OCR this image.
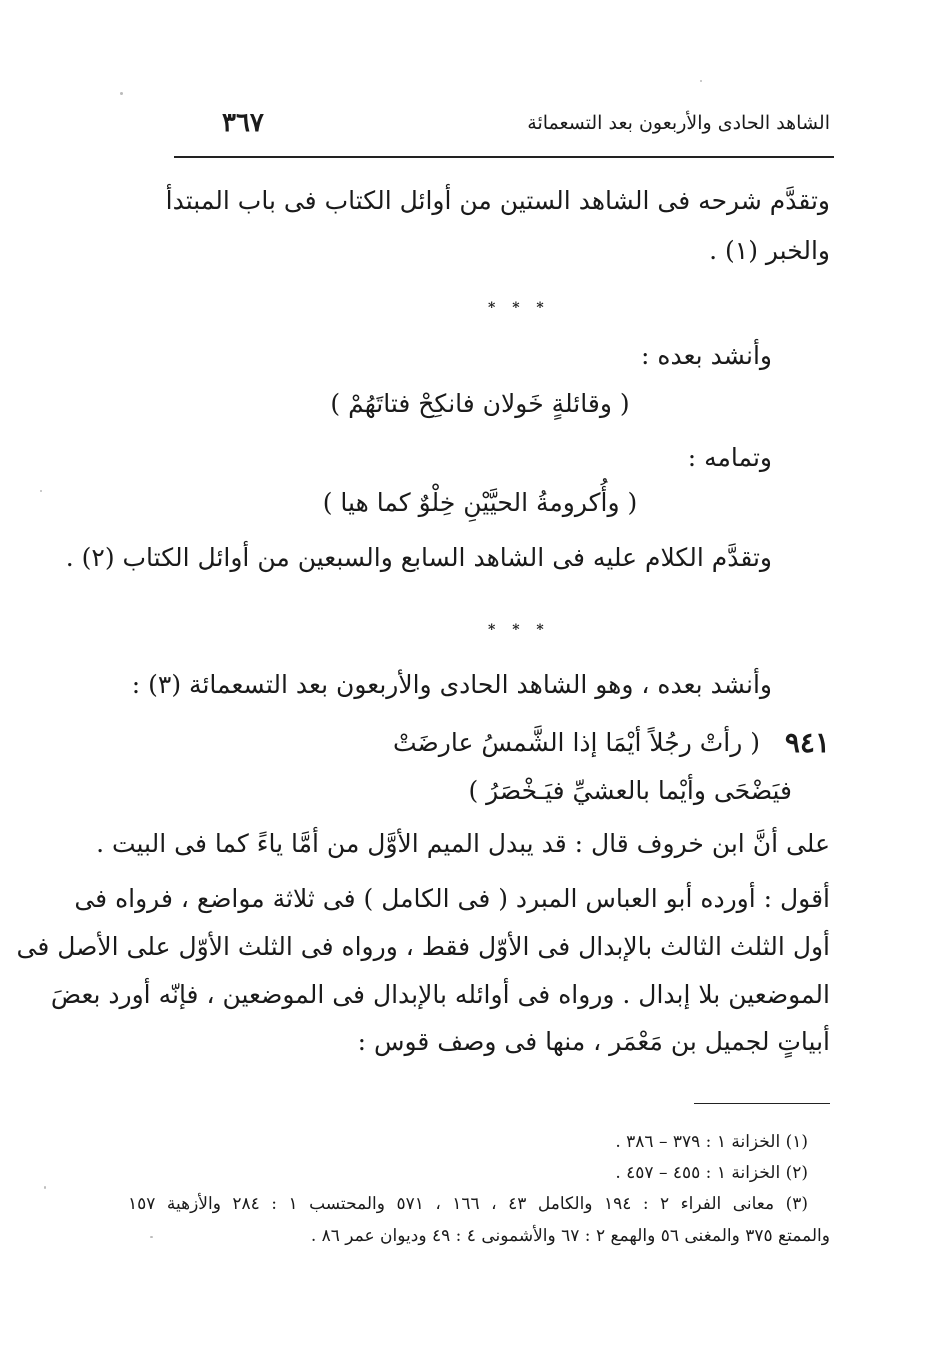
الشاهد الحادى والأربعون بعد التسعمائة
٣٦٧
وتقدَّم شرحه فى الشاهد الستين من أوائل الكتاب فى باب المبتدأ
والخبر (١) .
* * *
وأنشد بعده :
( وقائلةٍ خَولان فانكِحْ فتاتَهُمْ )
وتمامه :
( وأُكرومةُ الحيَّيْنِ خِلْوٌ كما هيا )
وتقدَّم الكلام عليه فى الشاهد السابع والسبعين من أوائل الكتاب (٢) .
* * *
وأنشد بعده ، وهو الشاهد الحادى والأربعون بعد التسعمائة (٣) :
٩٤١
( رأتْ رجُلاً أيْمَا إذا الشَّمسُ عارضَتْ
فيَضْحَى وأيْما بالعشيِّ فيَـخْصَرُ )
على أنَّ ابن خروف قال : قد يبدل الميم الأوَّل من أمَّا ياءً كما فى البيت .
أقول : أورده أبو العباس المبرد ( فى الكامل ) فى ثلاثة مواضع ، فرواه فى
أول الثلث الثالث بالإبدال فى الأوّل فقط ، ورواه فى الثلث الأوّل على الأصل فى
الموضعين بلا إبدال . ورواه فى أوائله بالإبدال فى الموضعين ، فإنّه أورد بعضَ
أبياتٍ لجميل بن مَعْمَر ، منها فى وصف قوس :
(١) الخزانة ١ : ٣٧٩ – ٣٨٦ .
(٢) الخزانة ١ : ٤٥٥ – ٤٥٧ .
(٣) معانى الفراء ٢ : ١٩٤ والكامل ٤٣ ، ١٦٦ ، ٥٧١ والمحتسب ١ : ٢٨٤ والأزهية ١٥٧
والممتع ٣٧٥ والمغنى ٥٦ والهمع ٢ : ٦٧ والأشمونى ٤ : ٤٩ وديوان عمر ٨٦ .
